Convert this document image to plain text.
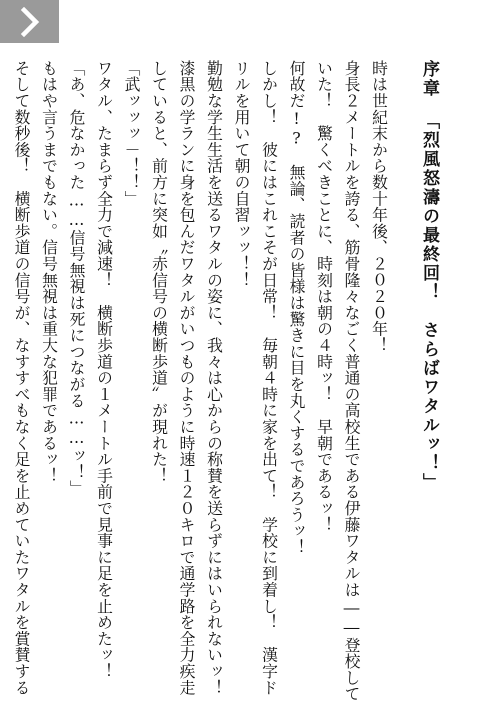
序章「烈風怒濤の最終回！　さらばワタルッ！」
時は世紀末から数十年後、２０２０年！
身長２メートルを誇る、筋骨隆々なごく普通の高校生である伊藤ワタルは――登校して
いた！　驚くべきことに、時刻は朝の４時ッ！　早朝であるッ！
何故だ!?　無論、読者の皆様は驚きに目を丸くするであろうッ！
しかし！　彼にはこれこそが日常！　毎朝４時に家を出て！　学校に到着し！　漢字ド
リルを用いて朝の自習ッッ！！
勤勉な学生生活を送るワタルの姿に、我々は心からの称賛を送らずにはいられないッ！
漆黒の学ランに身を包んだワタルがいつものように時速１２０キロで通学路を全力疾走
していると、前方に突如〝赤信号の横断歩道〟が現れた！
「武ッッッ－！！」
ワタル、たまらず全力で減速！　横断歩道の１メートル手前で見事に足を止めたッ！
「あ、危なかった……信号無視は死につながる……ッ！」
もはや言うまでもない。信号無視は重大な犯罪であるッ！
そして数秒後！　横断歩道の信号が、なすすべもなく足を止めていたワタルを賞賛する
